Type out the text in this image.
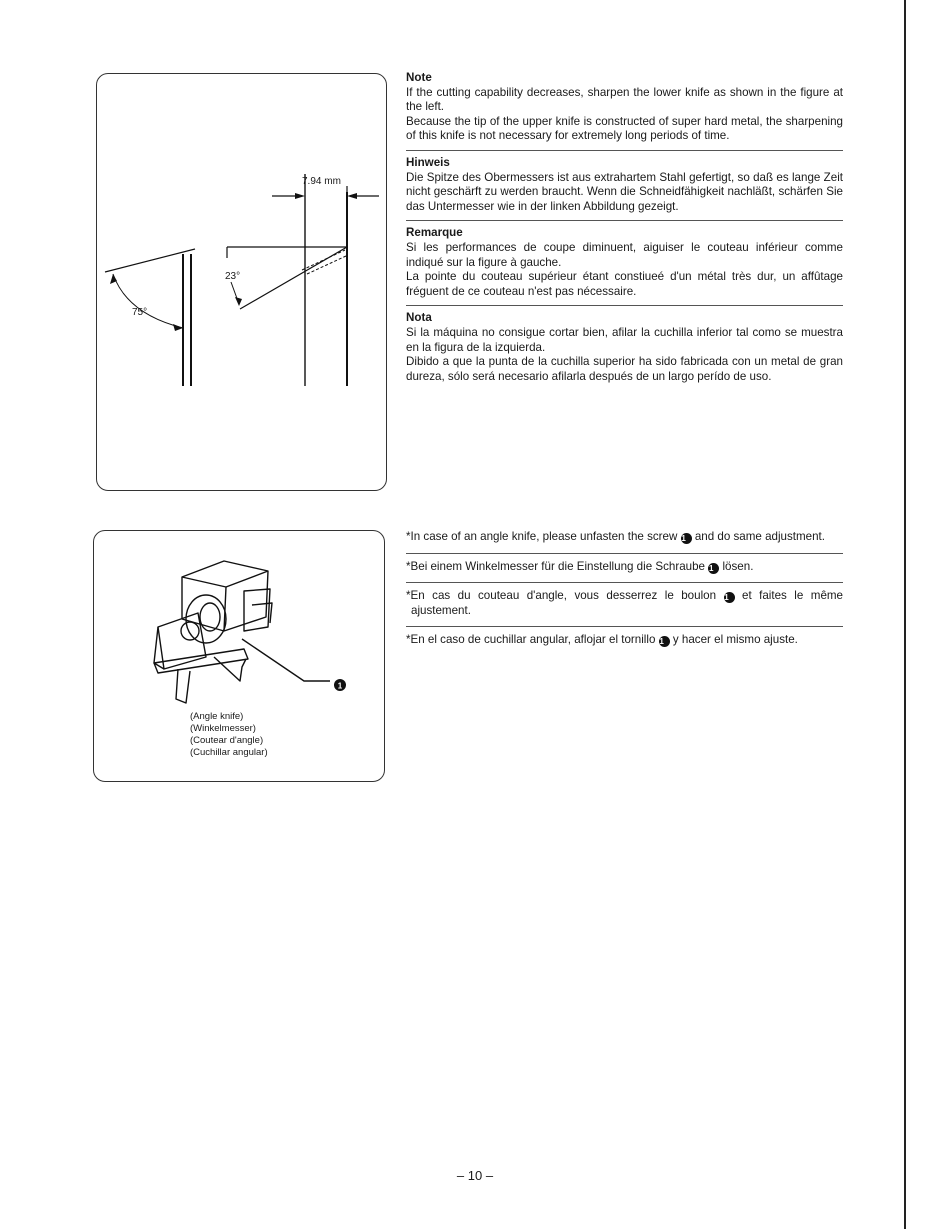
75°
23°
7.94 mm
1
(Angle knife)
(Winkelmesser)
(Coutear d'angle)
(Cuchillar angular)
Note

If the cutting capability decreases, sharpen the lower knife as shown in the figure at the left.
Because the tip of the upper knife is constructed of super hard metal, the sharpening of this knife is not necessary for extremely long periods of time.

Hinweis

Die Spitze des Obermessers ist aus extrahartem Stahl gefertigt, so daß es lange Zeit nicht geschärft zu werden braucht. Wenn die Schneidfähigkeit nachläßt, schärfen Sie das Untermesser wie in der linken Abbildung gezeigt.

Remarque

Si les performances de coupe diminuent, aiguiser le couteau inférieur comme indiqué sur la figure à gauche.
La pointe du couteau supérieur étant constiueé d'un métal très dur, un affûtage fréguent de ce couteau n'est pas nécessaire.

Nota

Si la máquina no consigue cortar bien, afilar la cuchilla inferior tal como se muestra en la figura de la izquierda.
Dibido a que la punta de la cuchilla superior ha sido fabricada con un metal de gran dureza, sólo será necesario afilarla después de un largo perído de uso.

*In case of an angle knife, please unfasten the screw 1 and do same adjustment.

*Bei einem Winkelmesser für die Einstellung die Schraube 1 lösen.

*En cas du couteau d'angle, vous desserrez le boulon 1 et faites le même ajustement.

*En el caso de cuchillar angular, aflojar el tornillo 1 y hacer el mismo ajuste.

– 10 –
